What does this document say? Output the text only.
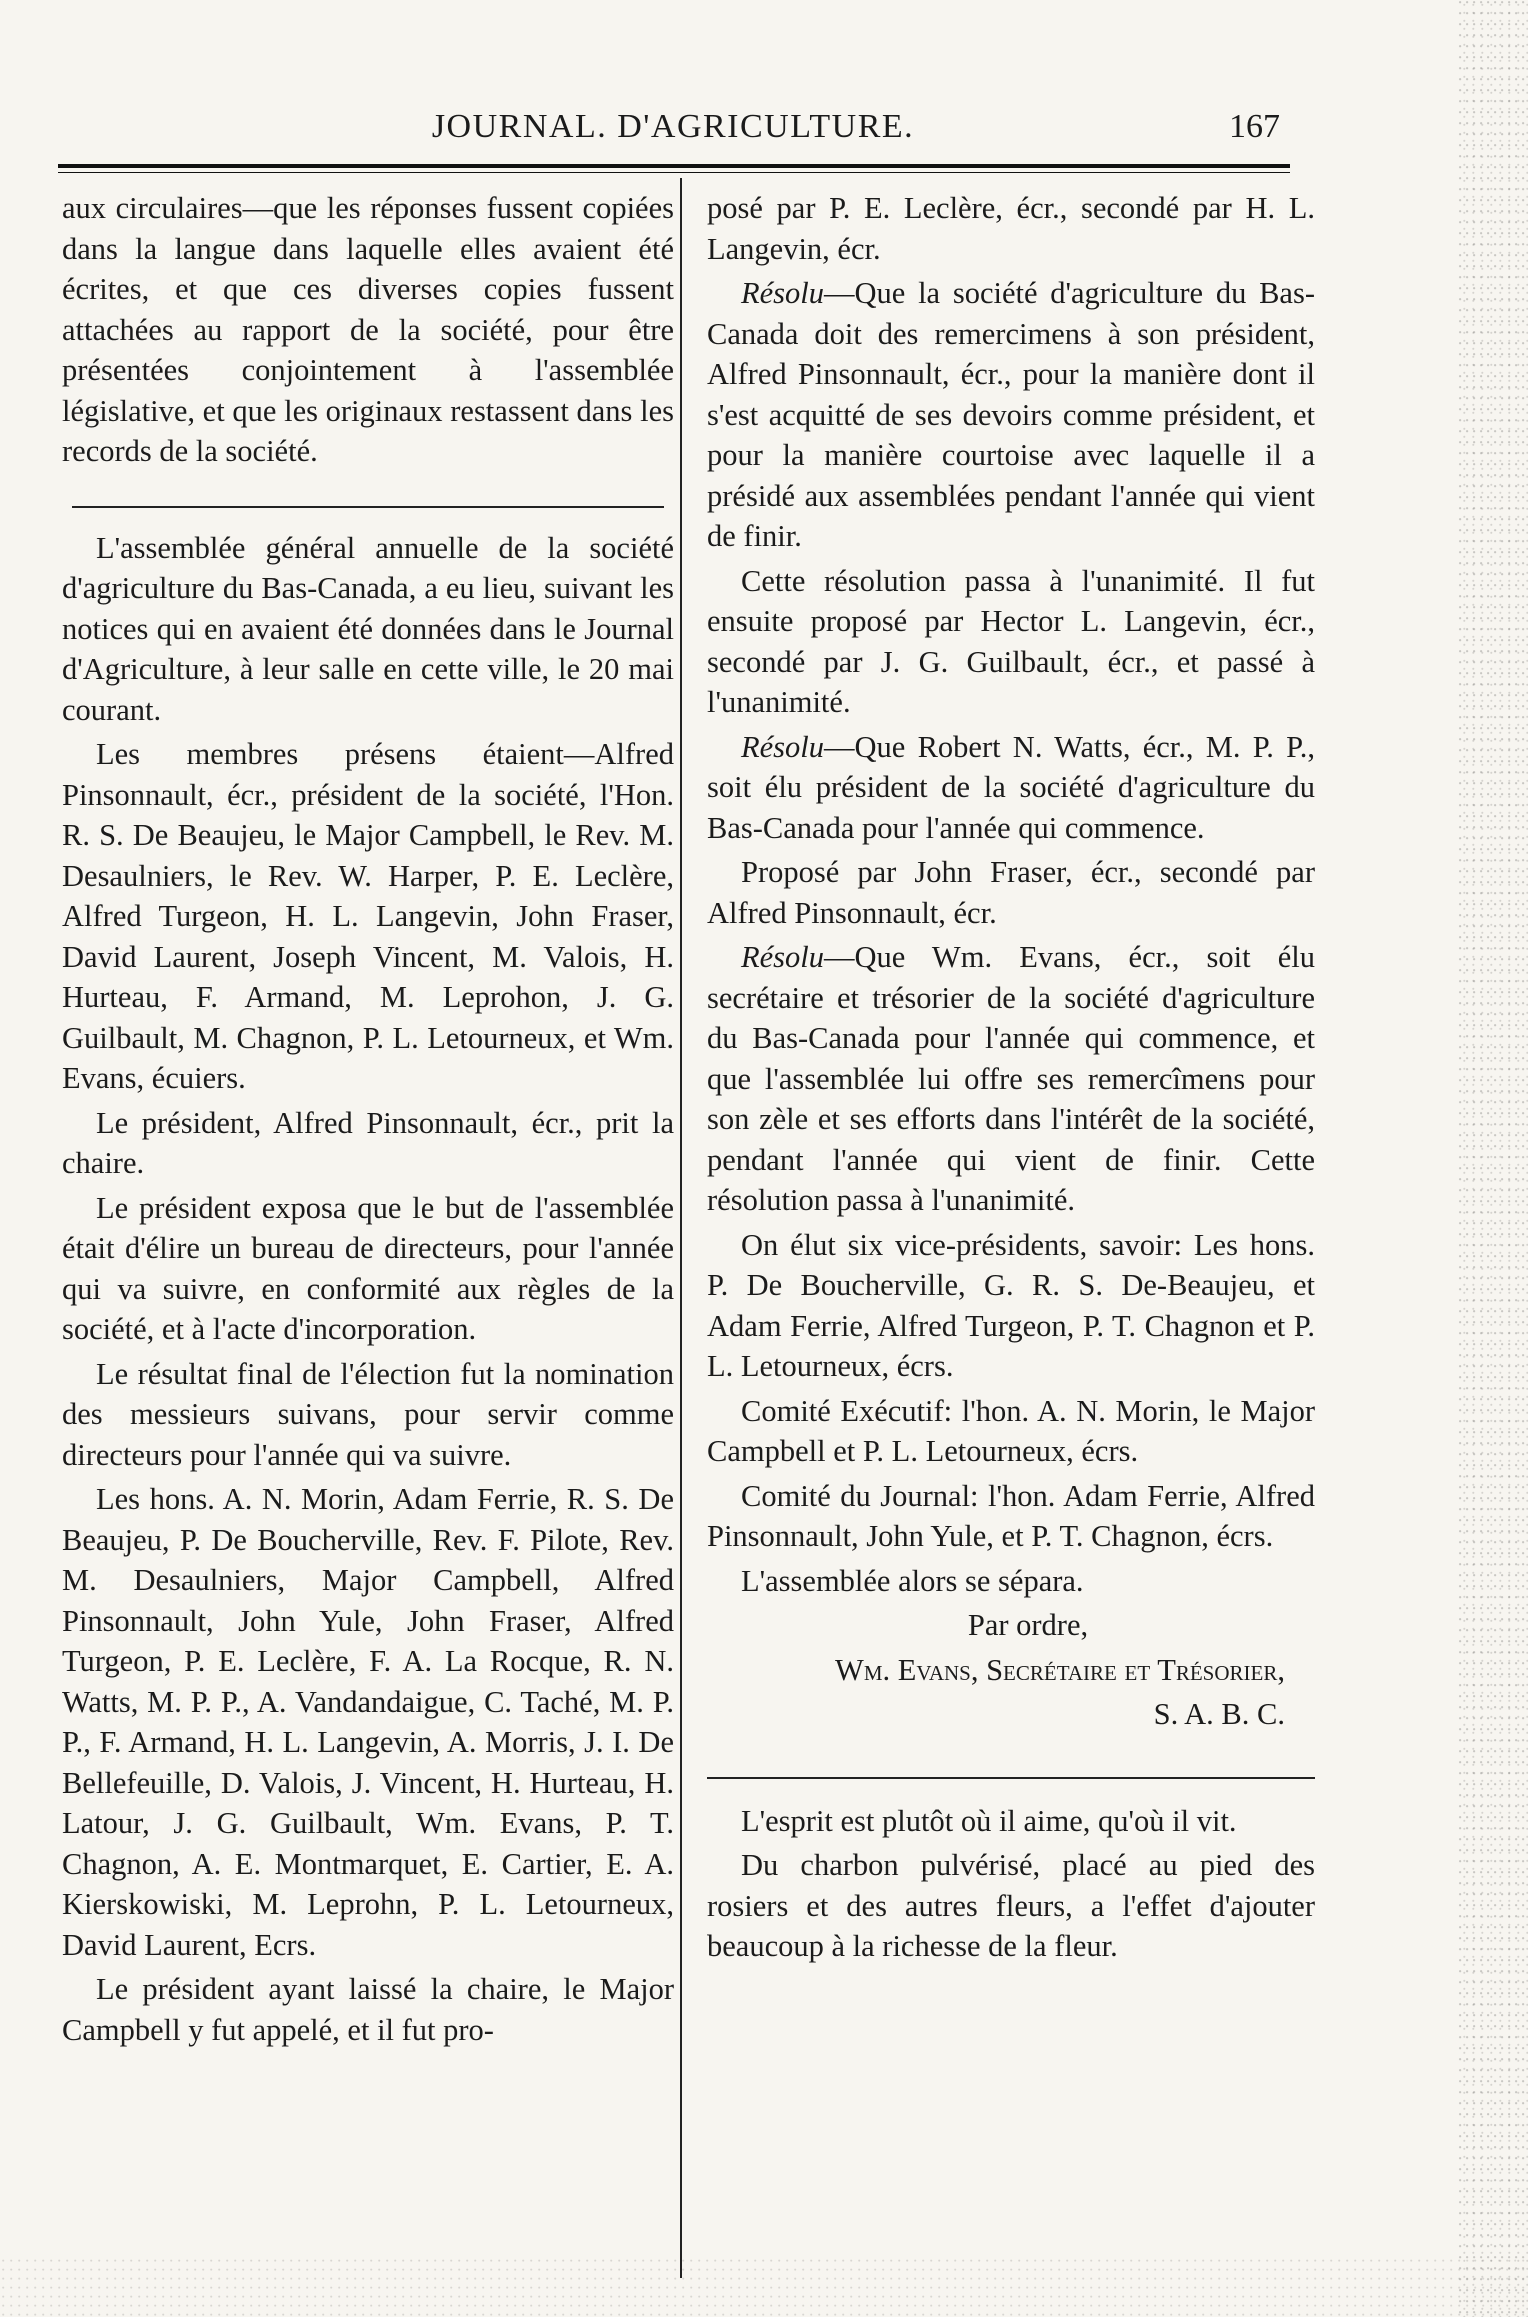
JOURNAL. D'AGRICULTURE.	167

aux circulaires—que les réponses fussent copiées dans la langue dans laquelle elles avaient été écrites, et que ces diverses copies fussent attachées au rapport de la société, pour être présentées conjointement à l'assemblée législative, et que les originaux restassent dans les records de la société.

L'assemblée général annuelle de la société d'agriculture du Bas-Canada, a eu lieu, suivant les notices qui en avaient été données dans le Journal d'Agriculture, à leur salle en cette ville, le 20 mai courant.

Les membres présens étaient—Alfred Pinsonnault, écr., président de la société, l'Hon. R. S. De Beaujeu, le Major Campbell, le Rev. M. Desaulniers, le Rev. W. Harper, P. E. Leclère, Alfred Turgeon, H. L. Langevin, John Fraser, David Laurent, Joseph Vincent, M. Valois, H. Hurteau, F. Armand, M. Leprohon, J. G. Guilbault, M. Chagnon, P. L. Letourneux, et Wm. Evans, écuiers.

Le président, Alfred Pinsonnault, écr., prit la chaire.

Le président exposa que le but de l'assemblée était d'élire un bureau de directeurs, pour l'année qui va suivre, en conformité aux règles de la société, et à l'acte d'incorporation.

Le résultat final de l'élection fut la nomination des messieurs suivans, pour servir comme directeurs pour l'année qui va suivre.

Les hons. A. N. Morin, Adam Ferrie, R. S. De Beaujeu, P. De Boucherville, Rev. F. Pilote, Rev. M. Desaulniers, Major Campbell, Alfred Pinsonnault, John Yule, John Fraser, Alfred Turgeon, P. E. Leclère, F. A. La Rocque, R. N. Watts, M. P. P., A. Vandandaigue, C. Taché, M. P. P., F. Armand, H. L. Langevin, A. Morris, J. I. De Bellefeuille, D. Valois, J. Vincent, H. Hurteau, H. Latour, J. G. Guilbault, Wm. Evans, P. T. Chagnon, A. E. Montmarquet, E. Cartier, E. A. Kierskowiski, M. Leprohn, P. L. Letourneux, David Laurent, Ecrs.

Le président ayant laissé la chaire, le Major Campbell y fut appelé, et il fut pro-

posé par P. E. Leclère, écr., secondé par H. L. Langevin, écr.

Résolu—Que la société d'agriculture du Bas-Canada doit des remercimens à son président, Alfred Pinsonnault, écr., pour la manière dont il s'est acquitté de ses devoirs comme président, et pour la manière courtoise avec laquelle il a présidé aux assemblées pendant l'année qui vient de finir.

Cette résolution passa à l'unanimité. Il fut ensuite proposé par Hector L. Langevin, écr., secondé par J. G. Guilbault, écr., et passé à l'unanimité.

Résolu—Que Robert N. Watts, écr., M. P. P., soit élu président de la société d'agriculture du Bas-Canada pour l'année qui commence.

Proposé par John Fraser, écr., secondé par Alfred Pinsonnault, écr.

Résolu—Que Wm. Evans, écr., soit élu secrétaire et trésorier de la société d'agriculture du Bas-Canada pour l'année qui commence, et que l'assemblée lui offre ses remercîmens pour son zèle et ses efforts dans l'intérêt de la société, pendant l'année qui vient de finir. Cette résolution passa à l'unanimité.

On élut six vice-présidents, savoir: Les hons. P. De Boucherville, G. R. S. De-Beaujeu, et Adam Ferrie, Alfred Turgeon, P. T. Chagnon et P. L. Letourneux, écrs.

Comité Exécutif: l'hon. A. N. Morin, le Major Campbell et P. L. Letourneux, écrs.

Comité du Journal: l'hon. Adam Ferrie, Alfred Pinsonnault, John Yule, et P. T. Chagnon, écrs.

L'assemblée alors se sépara.

Par ordre,

Wm. Evans, Secrétaire et Trésorier,

S. A. B. C.

L'esprit est plutôt où il aime, qu'où il vit.

Du charbon pulvérisé, placé au pied des rosiers et des autres fleurs, a l'effet d'ajouter beaucoup à la richesse de la fleur.
